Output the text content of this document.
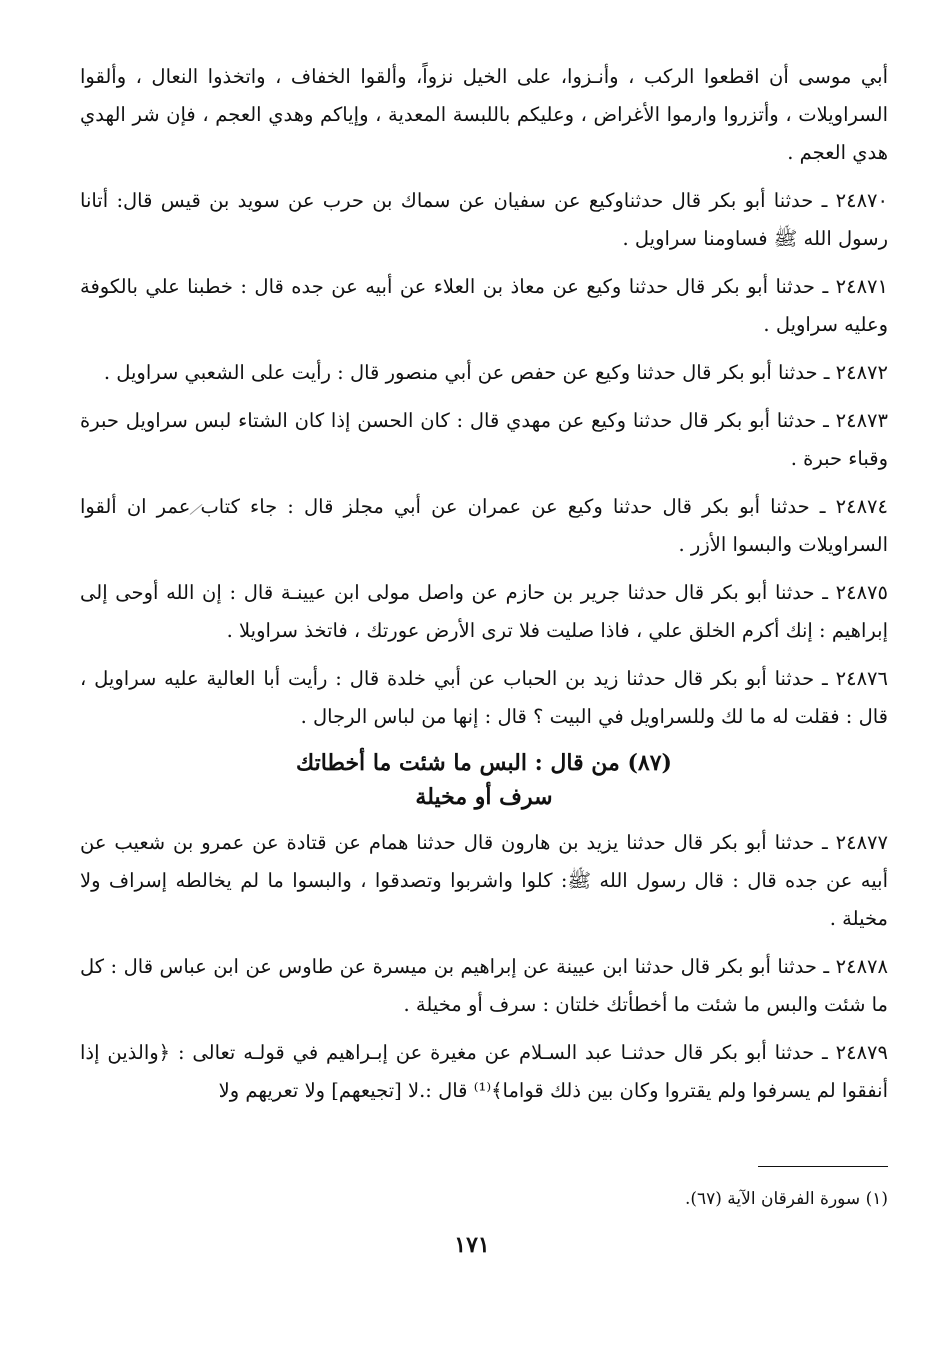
أبي موسى أن اقطعوا الركب ، وأنـزوا، على الخيل نزواً، وألقوا الخفاف ، واتخذوا النعال ، وألقوا السراويلات ، وأتزروا وارموا الأغراض ، وعليكم باللبسة المعدية ، وإياكم وهدي العجم ، فإن شر الهدي هدي العجم .

٢٤٨٧٠ ـ حدثنا أبو بكر قال حدثناوكيع عن سفيان عن سماك بن حرب عن سويد بن قيس قال: أتانا رسول الله ﷺ فساومنا سراويل .

٢٤٨٧١ ـ حدثنا أبو بكر قال حدثنا وكيع عن معاذ بن العلاء عن أبيه عن جده قال : خطبنا علي بالكوفة وعليه سراويل .

٢٤٨٧٢ ـ حدثنا أبو بكر قال حدثنا وكيع عن حفص عن أبي منصور قال : رأيت على الشعبي سراويل .

٢٤٨٧٣ ـ حدثنا أبو بكر قال حدثنا وكيع عن مهدي قال : كان الحسن إذا كان الشتاء لبس سراويل حبرة وقباء حبرة .

٢٤٨٧٤ ـ حدثنا أبو بكر قال حدثنا وكيع عن عمران عن أبي مجلز قال : جاء كتاب عمر ان ألقوا السراويلات والبسوا الأزر .

٢٤٨٧٥ ـ حدثنا أبو بكر قال حدثنا جرير بن حازم عن واصل مولى ابن عيينـة قال : إن الله أوحى إلى إبراهيم : إنك أكرم الخلق علي ، فاذا صليت فلا ترى الأرض عورتك ، فاتخذ سراويلا .

٢٤٨٧٦ ـ حدثنا أبو بكر قال حدثنا زيد بن الحباب عن أبي خلدة قال : رأيت أبا العالية عليه سراويل ، قال : فقلت له ما لك وللسراويل في البيت ؟ قال : إنها من لباس الرجال .

(٨٧) من قال : البس ما شئت ما أخطاتك
سرف أو مخيلة

٢٤٨٧٧ ـ حدثنا أبو بكر قال حدثنا يزيد بن هارون قال حدثنا همام عن قتادة عن عمرو بن شعيب عن أبيه عن جده قال : قال رسول الله ﷺ: كلوا واشربوا وتصدقوا ، والبسوا ما لم يخالطه إسراف ولا مخيلة .

٢٤٨٧٨ ـ حدثنا أبو بكر قال حدثنا ابن عيينة عن إبراهيم بن ميسرة عن طاوس عن ابن عباس قال : كل ما شئت والبس ما شئت ما أخطأتك خلتان : سرف أو مخيلة .

٢٤٨٧٩ ـ حدثنا أبو بكر قال حدثنـا عبد السـلام عن مغيرة عن إبـراهيم في قولـه تعالى : ﴿والذين إذا أنفقوا لم يسرفوا ولم يقتروا وكان بين ذلك قواما﴾⁽¹⁾ قال :.لا [تجيعهم] ولا تعريهم ولا

(١) سورة الفرقان الآية (٦٧).
١٧١
